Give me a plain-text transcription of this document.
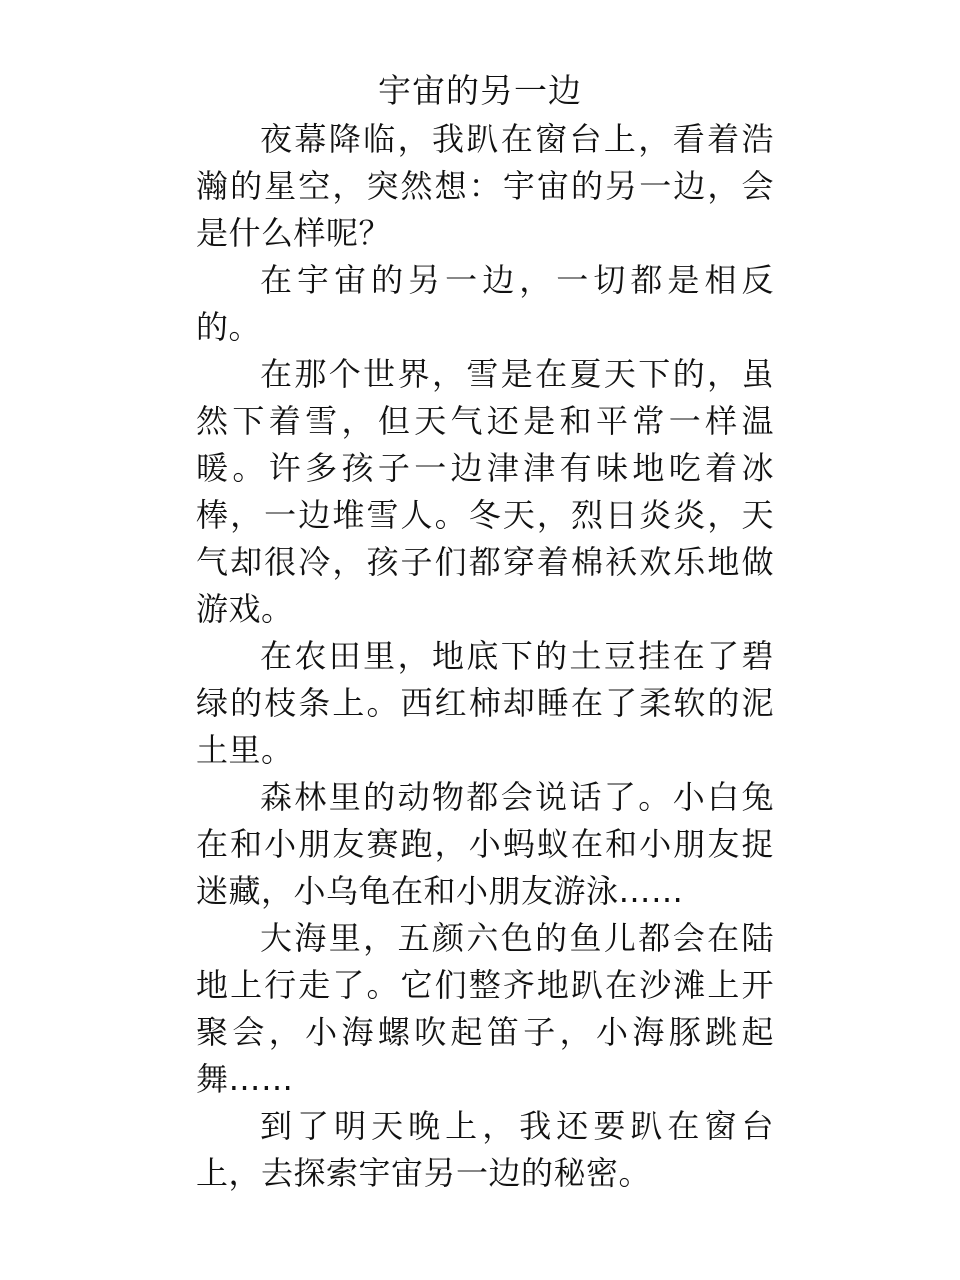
宇宙的另一边

夜幕降临，我趴在窗台上，看着浩瀚的星空，突然想：宇宙的另一边，会是什么样呢？

在宇宙的另一边，一切都是相反的。

在那个世界，雪是在夏天下的，虽然下着雪，但天气还是和平常一样温暖。许多孩子一边津津有味地吃着冰棒，一边堆雪人。冬天，烈日炎炎，天气却很冷，孩子们都穿着棉袄欢乐地做游戏。

在农田里，地底下的土豆挂在了碧绿的枝条上。西红柿却睡在了柔软的泥土里。

森林里的动物都会说话了。小白兔在和小朋友赛跑，小蚂蚁在和小朋友捉迷藏，小乌龟在和小朋友游泳……

大海里，五颜六色的鱼儿都会在陆地上行走了。它们整齐地趴在沙滩上开聚会，小海螺吹起笛子，小海豚跳起舞……

到了明天晚上，我还要趴在窗台上，去探索宇宙另一边的秘密。
